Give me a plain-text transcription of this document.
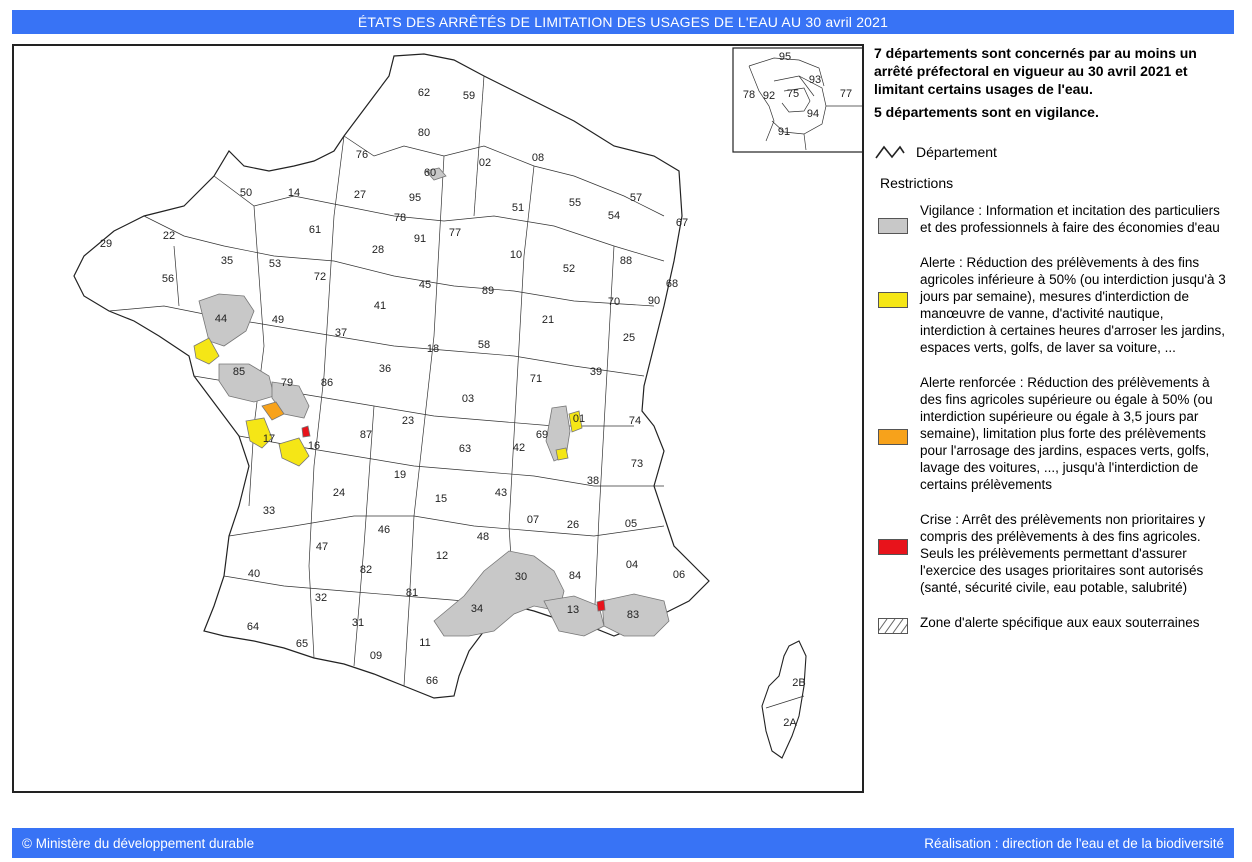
ÉTATS DES ARRÊTÉS DE LIMITATION DES USAGES DE L'EAU AU 30 avril 2021
62	59
80
76
02	08
60
50	14	27	95
78
91 77
51	55	57
54
67
22
29
61
28	10
52
88
68
35	53
72
45	89
70	90
56
44	49
37
41
21
25
18	58
85
79	86
36
71
39
03
01	74
17
16
87
23
69
73
63	42
24
19
15	43
38
33
46
07	26	05
47
48
12
82
30	84
04
06
40
81
34	13	83
32
64
65
31
09
11
66	2B
2A
95
93
78 92 75	77
94
91
7 départements sont concernés par au moins un arrêté préfectoral en vigueur au 30 avril 2021 et limitant certains usages de l'eau.
5 départements sont en vigilance.
Département
Restrictions
Vigilance : Information et incitation des particuliers et des professionnels à faire des économies d'eau
Alerte : Réduction des prélèvements à des fins agricoles inférieure à 50% (ou interdiction jusqu'à 3 jours par semaine), mesures d'interdiction de manœuvre de vanne, d'activité nautique, interdiction à certaines heures d'arroser les jardins, espaces verts, golfs, de laver sa voiture, ...
Alerte renforcée : Réduction des prélèvements à des fins agricoles supérieure ou égale à 50% (ou interdiction supérieure ou égale à 3,5 jours par semaine), limitation plus forte des prélèvements pour l'arrosage des jardins, espaces verts, golfs, lavage des voitures, ..., jusqu'à l'interdiction de certains prélèvements
Crise : Arrêt des prélèvements non prioritaires y compris des prélèvements à des fins agricoles. Seuls les prélèvements permettant d'assurer l'exercice des usages prioritaires sont autorisés (santé, sécurité civile, eau potable, salubrité)
Zone d'alerte spécifique aux eaux souterraines
© Ministère du développement durable	Réalisation : direction de l'eau et de la biodiversité
